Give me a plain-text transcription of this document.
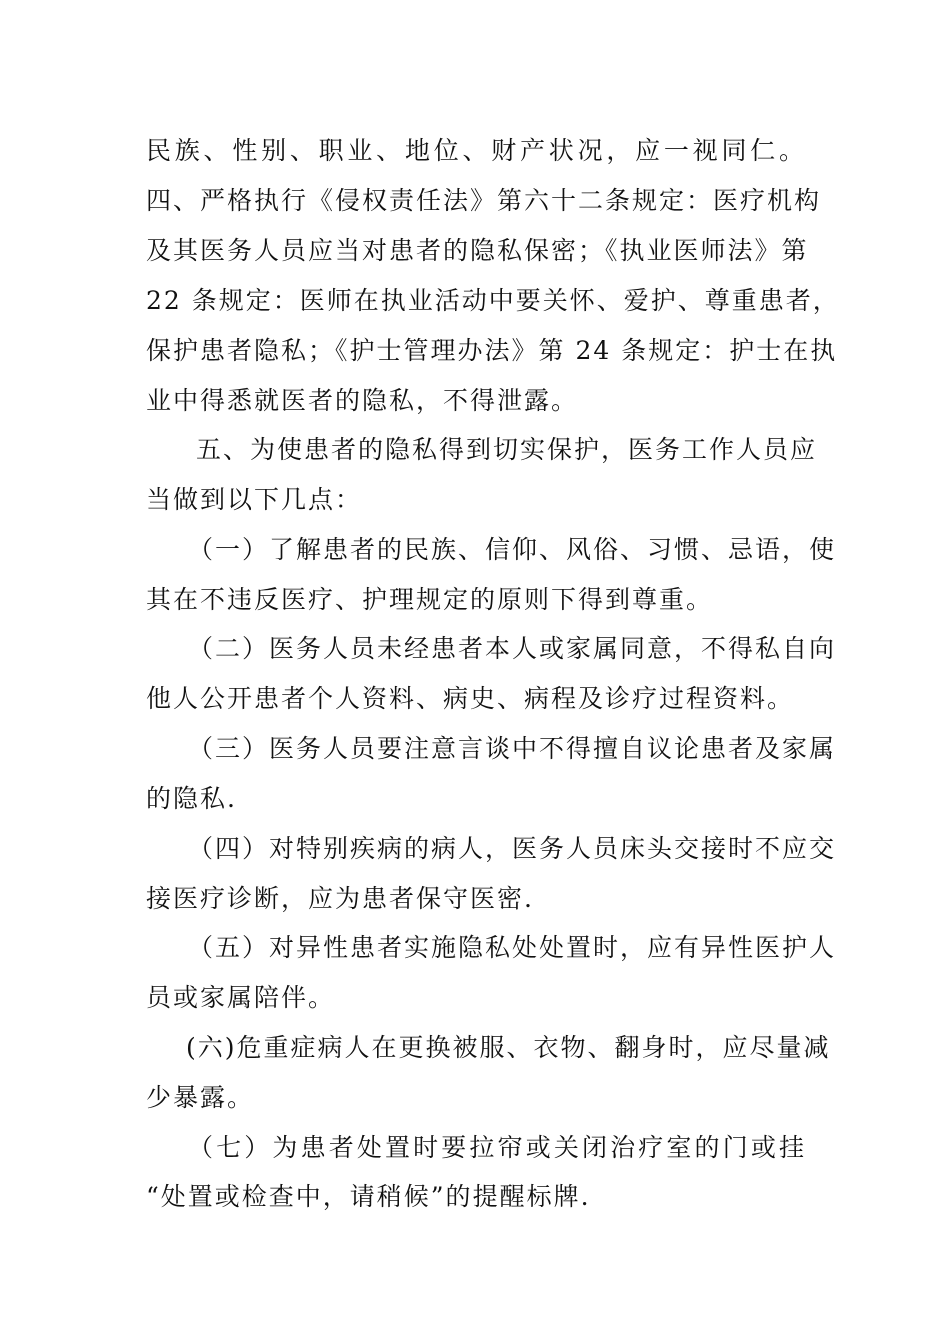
民族、性别、职业、地位、财产状况，应一视同仁。
四、严格执行《侵权责任法》第六十二条规定：医疗机构
及其医务人员应当对患者的隐私保密；《执业医师法》第
22 条规定：医师在执业活动中要关怀、爱护、尊重患者，
保护患者隐私；《护士管理办法》第 24 条规定：护士在执
业中得悉就医者的隐私，不得泄露。
五、为使患者的隐私得到切实保护，医务工作人员应
当做到以下几点：
（一）了解患者的民族、信仰、风俗、习惯、忌语，使
其在不违反医疗、护理规定的原则下得到尊重。
（二）医务人员未经患者本人或家属同意，不得私自向
他人公开患者个人资料、病史、病程及诊疗过程资料。
（三）医务人员要注意言谈中不得擅自议论患者及家属
的隐私.
（四）对特别疾病的病人，医务人员床头交接时不应交
接医疗诊断，应为患者保守医密.
（五）对异性患者实施隐私处处置时，应有异性医护人
员或家属陪伴。
(六)危重症病人在更换被服、衣物、翻身时，应尽量减
少暴露。
（七）为患者处置时要拉帘或关闭治疗室的门或挂
“处置或检查中，请稍候”的提醒标牌.
